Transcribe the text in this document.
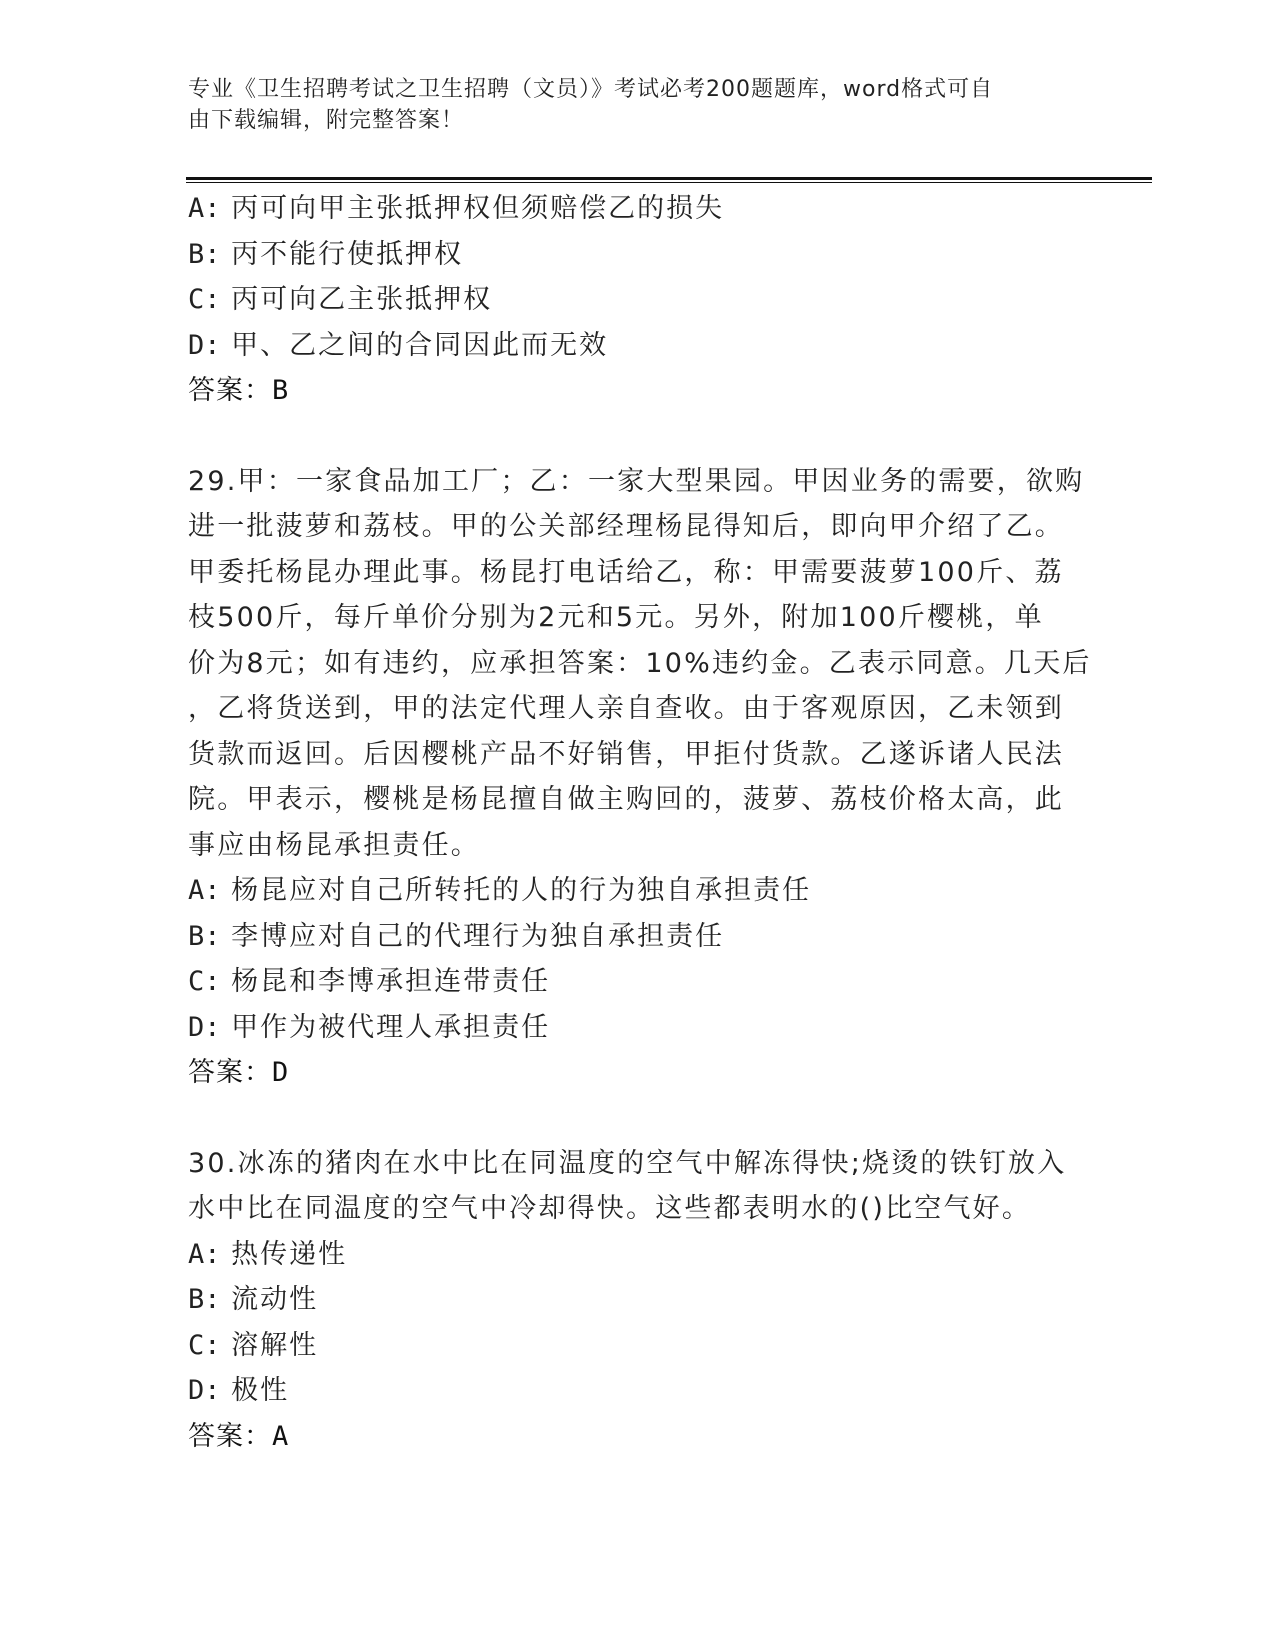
专业《卫生招聘考试之卫生招聘（文员）》考试必考200题题库，word格式可自
由下载编辑，附完整答案！
A: 丙可向甲主张抵押权但须赔偿乙的损失
B: 丙不能行使抵押权
C: 丙可向乙主张抵押权
D: 甲、乙之间的合同因此而无效
答案：B
29.甲：一家食品加工厂；乙：一家大型果园。甲因业务的需要，欲购
进一批菠萝和荔枝。甲的公关部经理杨昆得知后，即向甲介绍了乙。
甲委托杨昆办理此事。杨昆打电话给乙，称：甲需要菠萝100斤、荔
枝500斤，每斤单价分别为2元和5元。另外，附加100斤樱桃，单
价为8元；如有违约，应承担答案：10%违约金。乙表示同意。几天后
，乙将货送到，甲的法定代理人亲自查收。由于客观原因，乙未领到
货款而返回。后因樱桃产品不好销售，甲拒付货款。乙遂诉诸人民法
院。甲表示，樱桃是杨昆擅自做主购回的，菠萝、荔枝价格太高，此
事应由杨昆承担责任。
A: 杨昆应对自己所转托的人的行为独自承担责任
B: 李博应对自己的代理行为独自承担责任
C: 杨昆和李博承担连带责任
D: 甲作为被代理人承担责任
答案：D
30.冰冻的猪肉在水中比在同温度的空气中解冻得快;烧烫的铁钉放入
水中比在同温度的空气中冷却得快。这些都表明水的()比空气好。
A: 热传递性
B: 流动性
C: 溶解性
D: 极性
答案：A
